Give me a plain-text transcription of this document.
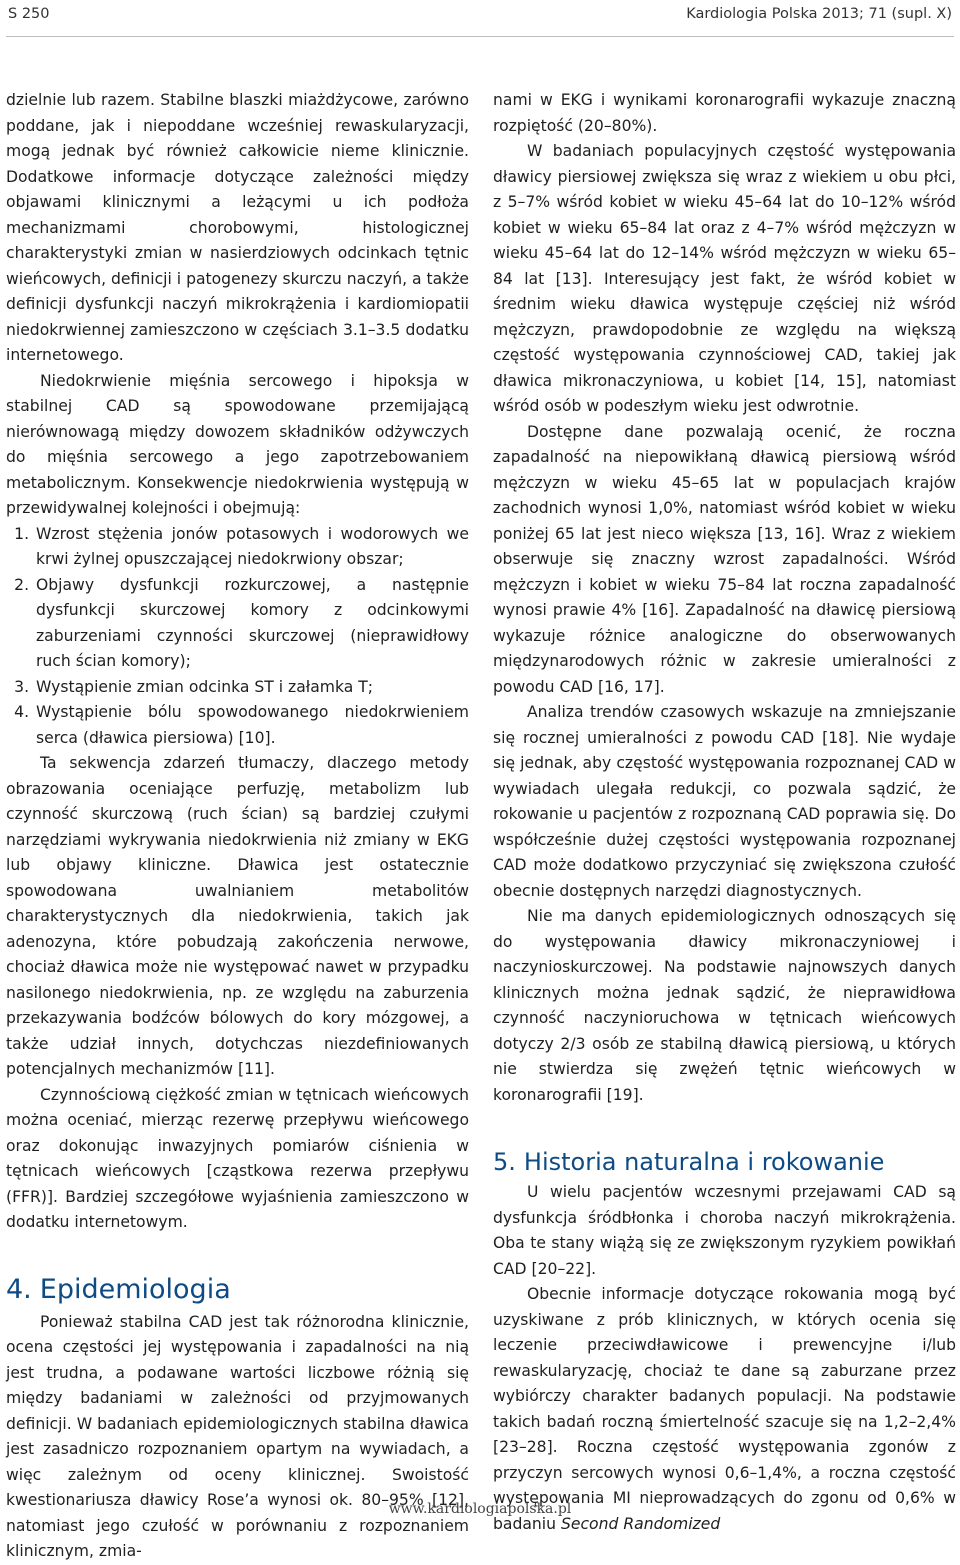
S 250	Kardiologia Polska 2013; 71 (supl. X)

dzielnie lub razem. Stabilne blaszki miażdżycowe, zarówno poddane, jak i niepoddane wcześniej rewaskularyzacji, mogą jednak być również całkowicie nieme klinicznie. Dodatkowe informacje dotyczące zależności między objawami klinicznymi a leżącymi u ich podłoża mechanizmami chorobowymi, histologicznej charakterystyki zmian w nasierdziowych odcinkach tętnic wieńcowych, definicji i patogenezy skurczu naczyń, a także definicji dysfunkcji naczyń mikrokrążenia i kardiomiopatii niedokrwiennej zamieszczono w częściach 3.1–3.5 dodatku internetowego.

Niedokrwienie mięśnia sercowego i hipoksja w stabilnej CAD są spowodowane przemijającą nierównowagą między dowozem składników odżywczych do mięśnia sercowego a jego zapotrzebowaniem metabolicznym. Konsekwencje niedokrwienia występują w przewidywalnej kolejności i obejmują:

1. Wzrost stężenia jonów potasowych i wodorowych we krwi żylnej opuszczającej niedokrwiony obszar;
2. Objawy dysfunkcji rozkurczowej, a następnie dysfunkcji skurczowej komory z odcinkowymi zaburzeniami czynności skurczowej (nieprawidłowy ruch ścian komory);
3. Wystąpienie zmian odcinka ST i załamka T;
4. Wystąpienie bólu spowodowanego niedokrwieniem serca (dławica piersiowa) [10].

Ta sekwencja zdarzeń tłumaczy, dlaczego metody obrazowania oceniające perfuzję, metabolizm lub czynność skurczową (ruch ścian) są bardziej czułymi narzędziami wykrywania niedokrwienia niż zmiany w EKG lub objawy kliniczne. Dławica jest ostatecznie spowodowana uwalnianiem metabolitów charakterystycznych dla niedokrwienia, takich jak adenozyna, które pobudzają zakończenia nerwowe, chociaż dławica może nie występować nawet w przypadku nasilonego niedokrwienia, np. ze względu na zaburzenia przekazywania bodźców bólowych do kory mózgowej, a także udział innych, dotychczas niezdefiniowanych potencjalnych mechanizmów [11].

Czynnościową ciężkość zmian w tętnicach wieńcowych można oceniać, mierząc rezerwę przepływu wieńcowego oraz dokonując inwazyjnych pomiarów ciśnienia w tętnicach wieńcowych [cząstkowa rezerwa przepływu (FFR)]. Bardziej szczegółowe wyjaśnienia zamieszczono w dodatku internetowym.

4. Epidemiologia

Ponieważ stabilna CAD jest tak różnorodna klinicznie, ocena częstości jej występowania i zapadalności na nią jest trudna, a podawane wartości liczbowe różnią się między badaniami w zależności od przyjmowanych definicji. W badaniach epidemiologicznych stabilna dławica jest zasadniczo rozpoznaniem opartym na wywiadach, a więc zależnym od oceny klinicznej. Swoistość kwestionariusza dławicy Rose’a wynosi ok. 80–95% [12], natomiast jego czułość w porównaniu z rozpoznaniem klinicznym, zmia-

nami w EKG i wynikami koronarografii wykazuje znaczną rozpiętość (20–80%).

W badaniach populacyjnych częstość występowania dławicy piersiowej zwiększa się wraz z wiekiem u obu płci, z 5–7% wśród kobiet w wieku 45–64 lat do 10–12% wśród kobiet w wieku 65–84 lat oraz z 4–7% wśród mężczyzn w wieku 45–64 lat do 12–14% wśród mężczyzn w wieku 65–84 lat [13]. Interesujący jest fakt, że wśród kobiet w średnim wieku dławica występuje częściej niż wśród mężczyzn, prawdopodobnie ze względu na większą częstość występowania czynnościowej CAD, takiej jak dławica mikronaczyniowa, u kobiet [14, 15], natomiast wśród osób w podeszłym wieku jest odwrotnie.

Dostępne dane pozwalają ocenić, że roczna zapadalność na niepowikłaną dławicą piersiową wśród mężczyzn w wieku 45–65 lat w populacjach krajów zachodnich wynosi 1,0%, natomiast wśród kobiet w wieku poniżej 65 lat jest nieco większa [13, 16]. Wraz z wiekiem obserwuje się znaczny wzrost zapadalności. Wśród mężczyzn i kobiet w wieku 75–84 lat roczna zapadalność wynosi prawie 4% [16]. Zapadalność na dławicę piersiową wykazuje różnice analogiczne do obserwowanych międzynarodowych różnic w zakresie umieralności z powodu CAD [16, 17].

Analiza trendów czasowych wskazuje na zmniejszanie się rocznej umieralności z powodu CAD [18]. Nie wydaje się jednak, aby częstość występowania rozpoznanej CAD w wywiadach ulegała redukcji, co pozwala sądzić, że rokowanie u pacjentów z rozpoznaną CAD poprawia się. Do współcześnie dużej częstości występowania rozpoznanej CAD może dodatkowo przyczyniać się zwiększona czułość obecnie dostępnych narzędzi diagnostycznych.

Nie ma danych epidemiologicznych odnoszących się do występowania dławicy mikronaczyniowej i naczynioskurczowej. Na podstawie najnowszych danych klinicznych można jednak sądzić, że nieprawidłowa czynność naczynioruchowa w tętnicach wieńcowych dotyczy 2/3 osób ze stabilną dławicą piersiową, u których nie stwierdza się zwężeń tętnic wieńcowych w koronarografii [19].

5. Historia naturalna i rokowanie

U wielu pacjentów wczesnymi przejawami CAD są dysfunkcja śródbłonka i choroba naczyń mikrokrążenia. Oba te stany wiążą się ze zwiększonym ryzykiem powikłań CAD [20–22].

Obecnie informacje dotyczące rokowania mogą być uzyskiwane z prób klinicznych, w których ocenia się leczenie przeciwdławicowe i prewencyjne i/lub rewaskularyzację, chociaż te dane są zaburzane przez wybiórczy charakter badanych populacji. Na podstawie takich badań roczną śmiertelność szacuje się na 1,2–2,4% [23–28]. Roczna częstość występowania zgonów z przyczyn sercowych wynosi 0,6–1,4%, a roczna częstość występowania MI nieprowadzących do zgonu od 0,6% w badaniu Second Randomized

www.kardiologiapolska.pl
